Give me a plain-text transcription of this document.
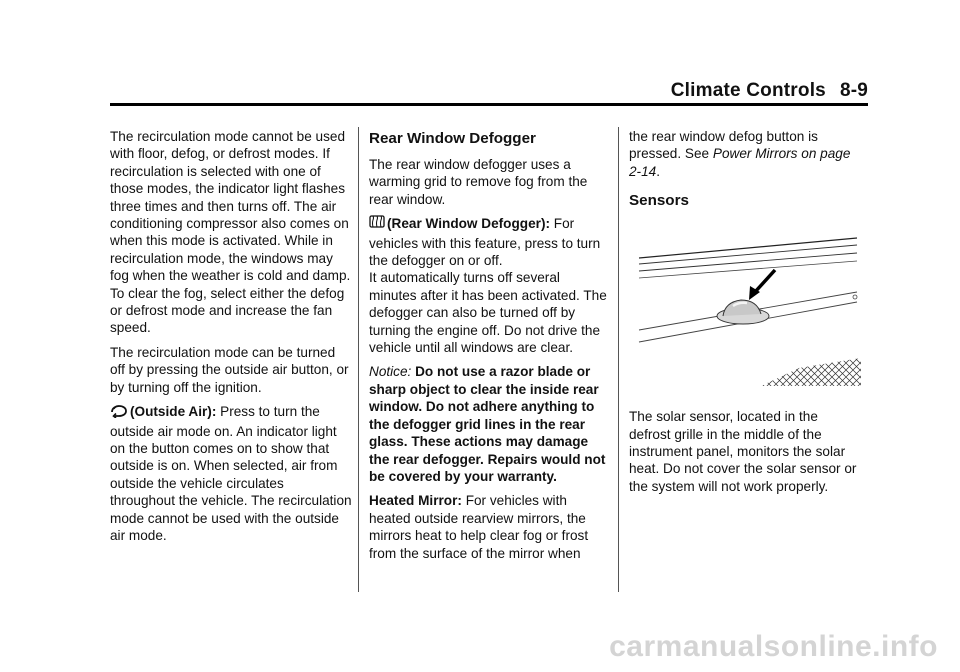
Climate Controls 8-9

The recirculation mode cannot be used with floor, defog, or defrost modes. If recirculation is selected with one of those modes, the indicator light flashes three times and then turns off. The air conditioning compressor also comes on when this mode is activated. While in recirculation mode, the windows may fog when the weather is cold and damp. To clear the fog, select either the defog or defrost mode and increase the fan speed.

The recirculation mode can be turned off by pressing the outside air button, or by turning off the ignition.

(Outside Air): Press to turn the outside air mode on. An indicator light on the button comes on to show that outside is on. When selected, air from outside the vehicle circulates throughout the vehicle. The recirculation mode cannot be used with the outside air mode.

Rear Window Defogger

The rear window defogger uses a warming grid to remove fog from the rear window.

(Rear Window Defogger): For vehicles with this feature, press to turn the defogger on or off.
It automatically turns off several minutes after it has been activated. The defogger can also be turned off by turning the engine off. Do not drive the vehicle until all windows are clear.

Notice: Do not use a razor blade or sharp object to clear the inside rear window. Do not adhere anything to the defogger grid lines in the rear glass. These actions may damage the rear defogger. Repairs would not be covered by your warranty.

Heated Mirror: For vehicles with heated outside rearview mirrors, the mirrors heat to help clear fog or frost from the surface of the mirror when

the rear window defog button is pressed. See Power Mirrors on page 2-14.

Sensors

The solar sensor, located in the defrost grille in the middle of the instrument panel, monitors the solar heat. Do not cover the solar sensor or the system will not work properly.

carmanualsonline.info
